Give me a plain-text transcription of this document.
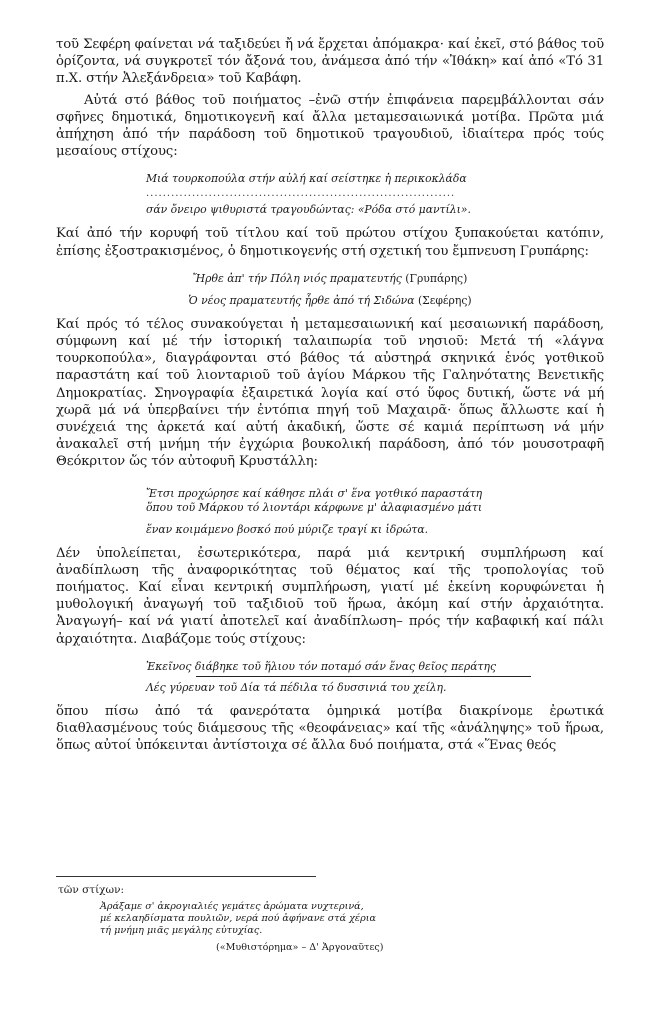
τοῦ Σεφέρη φαίνεται νά ταξιδεύει ἤ νά ἔρχεται ἀπόμακρα· καί ἐκεῖ, στό βάθος τοῦ ὁρίζοντα, νά συγκροτεῖ τόν ἄξονά του, ἀνάμεσα ἀπό τήν «Ἰθάκη» καί ἀπό «Τό 31 π.Χ. στήν Ἀλεξάνδρεια» τοῦ Καβάφη.

Αὐτά στό βάθος τοῦ ποιήματος –ἐνῶ στήν ἐπιφάνεια παρεμβάλλονται σάν σφῆνες δημοτικά, δημοτικογενῆ καί ἄλλα μεταμεσαιωνικά μοτίβα. Πρῶτα μιά ἀπήχηση ἀπό τήν παράδοση τοῦ δημοτικοῦ τραγουδιοῦ, ἰδιαίτερα πρός τούς μεσαίους στίχους:

Μιά τουρκοπούλα στήν αὐλή καί σείστηκε ἡ περικοκλάδα

..........................................................................

σάν ὄνειρο ψιθυριστά τραγουδώντας: «Ρόδα στό μαντίλι».

Καί ἀπό τήν κορυφή τοῦ τίτλου καί τοῦ πρώτου στίχου ξυπακούεται κατόπιν, ἐπίσης ἐξοστρακισμένος, ὁ δημοτικογενής στή σχετική του ἔμπνευση Γρυπάρης:

Ἤρθε ἀπ' τήν Πόλη νιός πραματευτής (Γρυπάρης)

Ὁ νέος πραματευτής ἦρθε ἀπό τή Σιδώνα (Σεφέρης)

Καί πρός τό τέλος συνακούγεται ἡ μεταμεσαιωνική καί μεσαιωνική παράδοση, σύμφωνη καί μέ τήν ἱστορική ταλαιπωρία τοῦ νησιοῦ: Μετά τή «λάγνα τουρκοπούλα», διαγράφονται στό βάθος τά αὐστηρά σκηνικά ἑνός γοτθικοῦ παραστάτη καί τοῦ λιονταριοῦ τοῦ ἁγίου Μάρκου τῆς Γαληνότατης Βενετικῆς Δημοκρατίας. Σηνογραφία ἐξαιρετικά λογία καί στό ὕφος δυτική, ὥστε νά μή χωρᾶ μά νά ὑπερβαίνει τήν ἐντόπια πηγή τοῦ Μαχαιρᾶ· ὅπως ἄλλωστε καί ἡ συνέχειά της ἀρκετά καί αὐτή ἀκαδική, ὥστε σέ καμιά περίπτωση νά μήν ἀνακαλεῖ στή μνήμη τήν ἐγχώρια βουκολική παράδοση, ἀπό τόν μουσοτραφῆ Θεόκριτον ὥς τόν αὐτοφυῆ Κρυστάλλη:

Ἔτσι προχώρησε καί κάθησε πλάι σ' ἕνα γοτθικό παραστάτη

ὅπου τοῦ Μάρκου τό λιοντάρι κάρφωνε μ' ἀλαφιασμένο μάτι

ἕναν κοιμάμενο βοσκό πού μύριζε τραγί κι ἱδρώτα.

Δέν ὑπολείπεται, ἐσωτερικότερα, παρά μιά κεντρική συμπλήρωση καί ἀναδίπλωση τῆς ἀναφορικότητας τοῦ θέματος καί τῆς τροπολογίας τοῦ ποιήματος. Καί εἶναι κεντρική συμπλήρωση, γιατί μέ ἐκείνη κορυφώνεται ἡ μυθολογική ἀναγωγή τοῦ ταξιδιοῦ τοῦ ἥρωα, ἀκόμη καί στήν ἀρχαιότητα. Ἀναγωγή– καί νά γιατί ἀποτελεῖ καί ἀναδίπλωση– πρός τήν καβαφική καί πάλι ἀρχαιότητα. Διαβάζομε τούς στίχους:

Ἐκεῖνος διάβηκε τοῦ ἥλιου τόν ποταμό σάν ἕνας θεῖος περάτης

Λές γύρευαν τοῦ Δία τά πέδιλα τό δυσσινιά του χείλη.

ὅπου πίσω ἀπό τά φανερότατα ὁμηρικά μοτίβα διακρίνομε ἐρωτικά διαθλασμένους τούς διάμεσους τῆς «θεοφάνειας» καί τῆς «ἀνάληψης» τοῦ ἥρωα, ὅπως αὐτοί ὑπόκεινται ἀντίστοιχα σέ ἄλλα δυό ποιήματα, στά «Ἕνας θεός

τῶν στίχων:

Ἀράξαμε σ' ἀκρογιαλιές γεμάτες ἀρώματα νυχτερινά,

μέ κελαηδίσματα πουλιῶν, νερά πού ἀφήνανε στά χέρια

τή μνήμη μιᾶς μεγάλης εὐτυχίας.

(«Μυθιστόρημα» – Δ' Ἀργοναῦτες)
